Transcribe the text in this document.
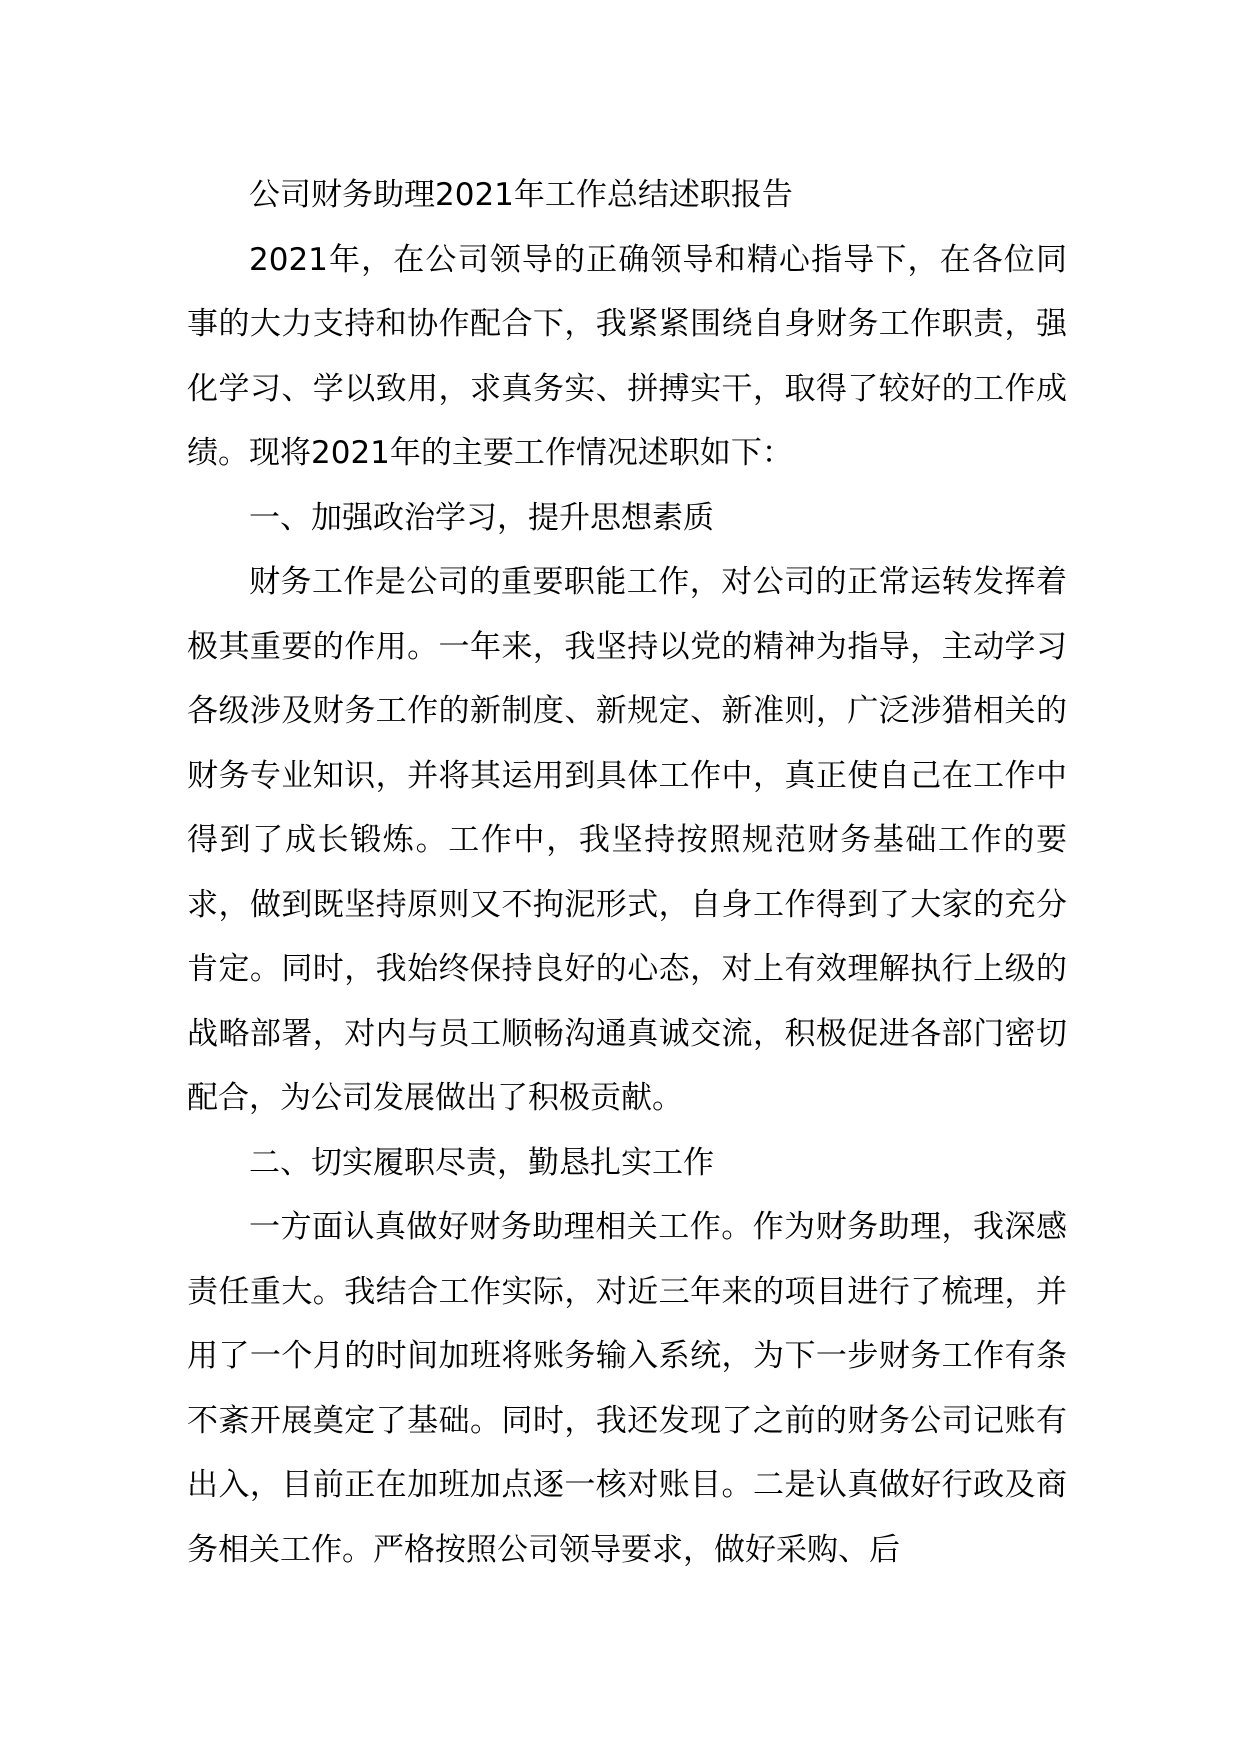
公司财务助理2021年工作总结述职报告

2021年，在公司领导的正确领导和精心指导下，在各位同事的大力支持和协作配合下，我紧紧围绕自身财务工作职责，强化学习、学以致用，求真务实、拼搏实干，取得了较好的工作成绩。现将2021年的主要工作情况述职如下：

一、加强政治学习，提升思想素质

财务工作是公司的重要职能工作，对公司的正常运转发挥着极其重要的作用。一年来，我坚持以党的精神为指导，主动学习各级涉及财务工作的新制度、新规定、新准则，广泛涉猎相关的财务专业知识，并将其运用到具体工作中，真正使自己在工作中得到了成长锻炼。工作中，我坚持按照规范财务基础工作的要求，做到既坚持原则又不拘泥形式，自身工作得到了大家的充分肯定。同时，我始终保持良好的心态，对上有效理解执行上级的战略部署，对内与员工顺畅沟通真诚交流，积极促进各部门密切配合，为公司发展做出了积极贡献。

二、切实履职尽责，勤恳扎实工作

一方面认真做好财务助理相关工作。作为财务助理，我深感责任重大。我结合工作实际，对近三年来的项目进行了梳理，并用了一个月的时间加班将账务输入系统，为下一步财务工作有条不紊开展奠定了基础。同时，我还发现了之前的财务公司记账有出入，目前正在加班加点逐一核对账目。二是认真做好行政及商务相关工作。严格按照公司领导要求，做好采购、后
